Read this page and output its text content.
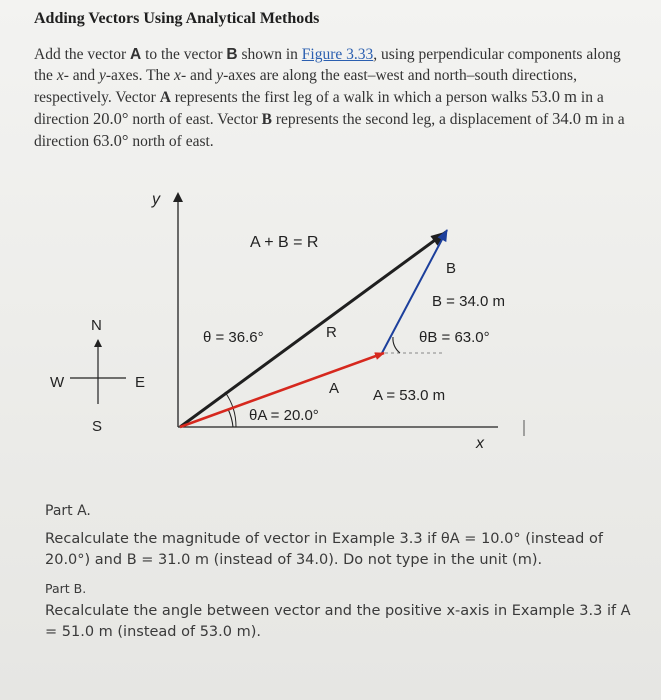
Adding Vectors Using Analytical Methods
Add the vector A to the vector B shown in Figure 3.33, using perpendicular components along the x- and y-axes. The x- and y-axes are along the east–west and north–south directions, respectively. Vector A represents the first leg of a walk in which a person walks 53.0 m in a direction 20.0° north of east. Vector B represents the second leg, a displacement of 34.0 m in a direction 63.0° north of east.
y
x
N
S
E
W
A + B = R
B
B = 34.0 m
θ = 36.6°	R	θB = 63.0°
A A = 53.0 m
θA = 20.0°

Part A.

Recalculate the magnitude of vector in Example 3.3 if θA = 10.0° (instead of 20.0°) and B = 31.0 m (instead of 34.0). Do not type in the unit (m).

Part B.

Recalculate the angle between vector and the positive x-axis in Example 3.3 if A = 51.0 m (instead of 53.0 m).
